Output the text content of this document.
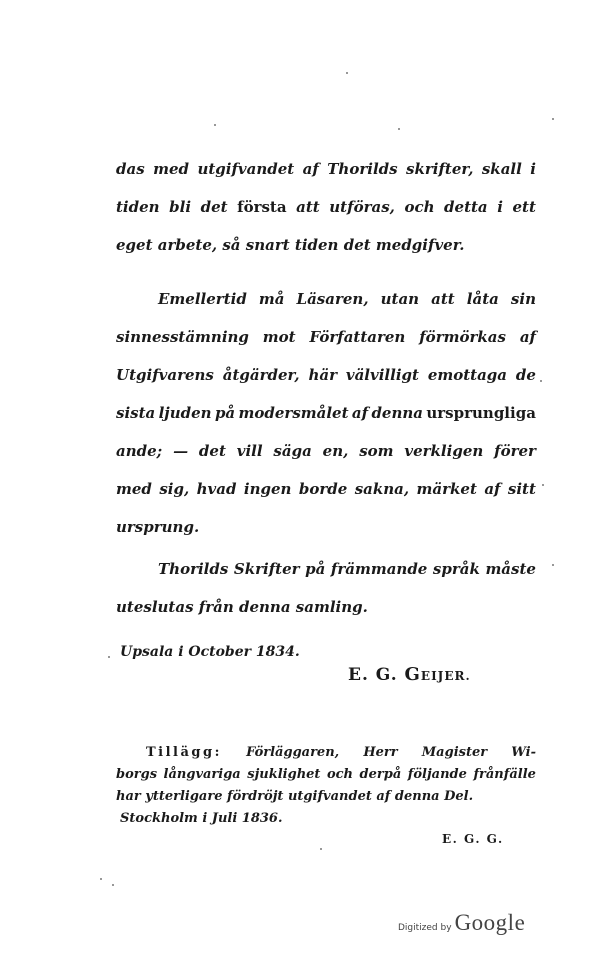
das med utgifvandet af Thorilds skrifter, skall i
tiden bli det första att utföras, och detta i ett
eget
arbete,
så
snart
tiden
det
medgifver.
Emellertid må Läsaren, utan att låta sin
sinnesstämning mot Författaren förmörkas af
Utgifvarens åtgärder, här välvilligt emottaga de
sista ljuden på modersmålet af denna ursprungliga
ande; — det vill säga en, som verkligen förer
med sig, hvad ingen borde sakna, märket af sitt
ursprung.
Thorilds Skrifter på främmande språk måste
uteslutas
från
denna
samling.
Upsala i October 1834.
E. G. GEIJER.
Tillägg: Förläggaren, Herr Magister Wi-
borgs långvariga sjuklighet och derpå följande frånfälle
har
ytterligare
fördröjt
utgifvandet
af
denna
Del.
Stockholm i Juli 1836.
E. G. G.
Digitized by Google
